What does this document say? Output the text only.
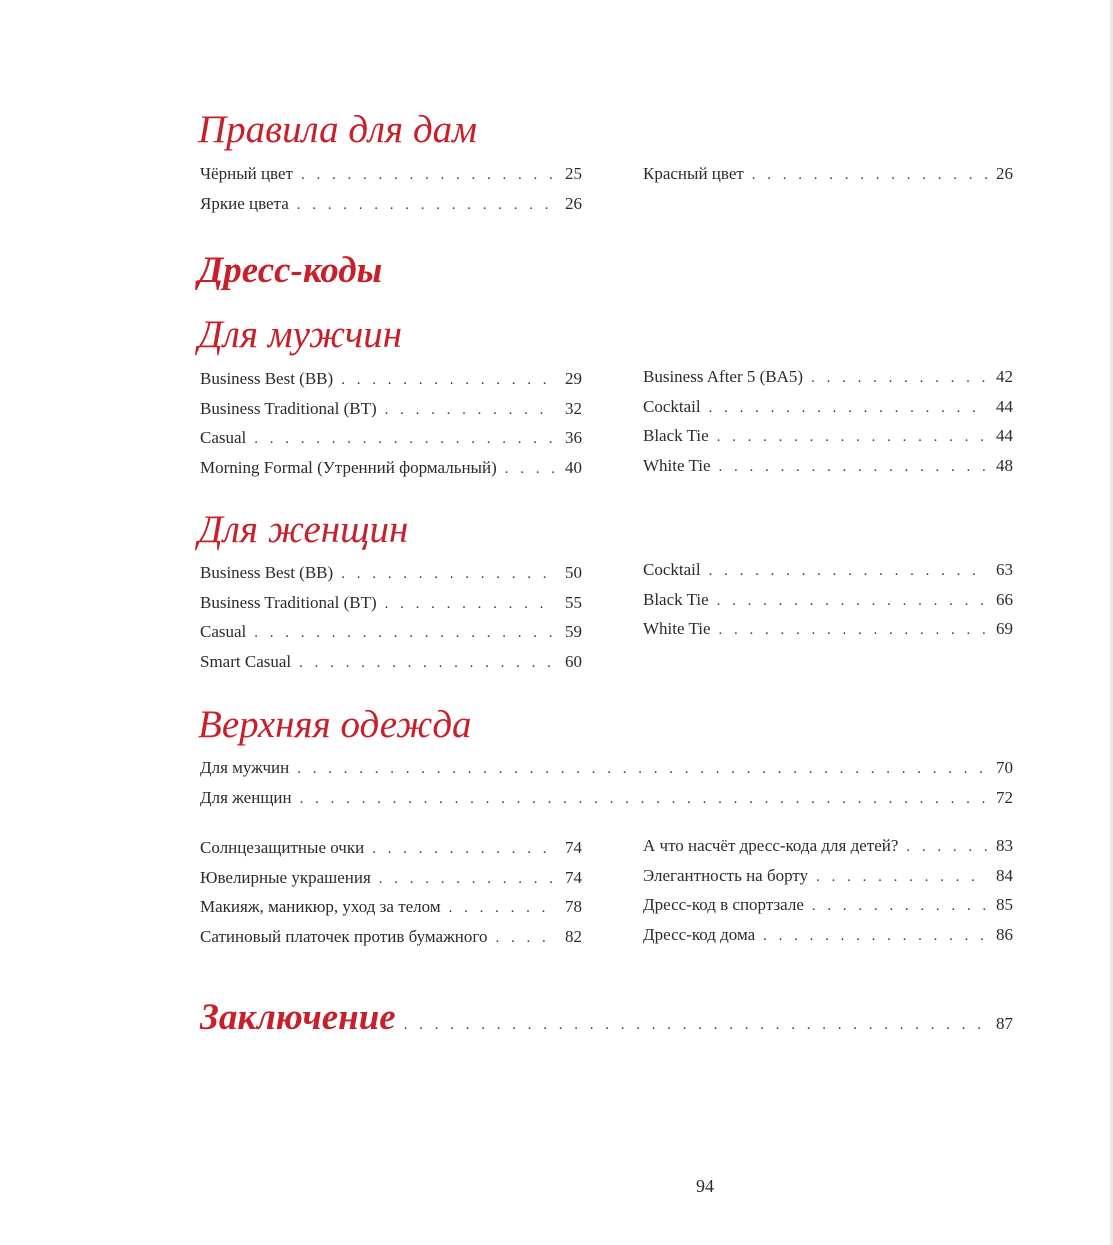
Правила для дам
Чёрный цвет . . .	25
Яркие цвета . . .	26
Красный цвет . . .	26
Дресс-коды
Для мужчин
Business Best (BB) . . .	29
Business Traditional (BT) . . .	32
Casual . . .	36
Morning Formal (Утренний формальный) . . .	40
Business After 5 (BA5) . . .	42
Cocktail . . .	44
Black Tie . . .	44
White Tie . . .	48
Для женщин
Business Best (BB) . . .	50
Business Traditional (BT) . . .	55
Casual . . .	59
Smart Casual . . .	60
Cocktail . . .	63
Black Tie . . .	66
White Tie . . .	69
Верхняя одежда
Для мужчин . . .	70
Для женщин . . .	72
Солнцезащитные очки . . .	74
Ювелирные украшения . . .	74
Макияж, маникюр, уход за телом . . .	78
Сатиновый платочек против бумажного . . .	82
А что насчёт дресс-кода для детей? . . .	83
Элегантность на борту . . .	84
Дресс-код в спортзале . . .	85
Дресс-код дома . . .	86
Заключение . . .	87
94
